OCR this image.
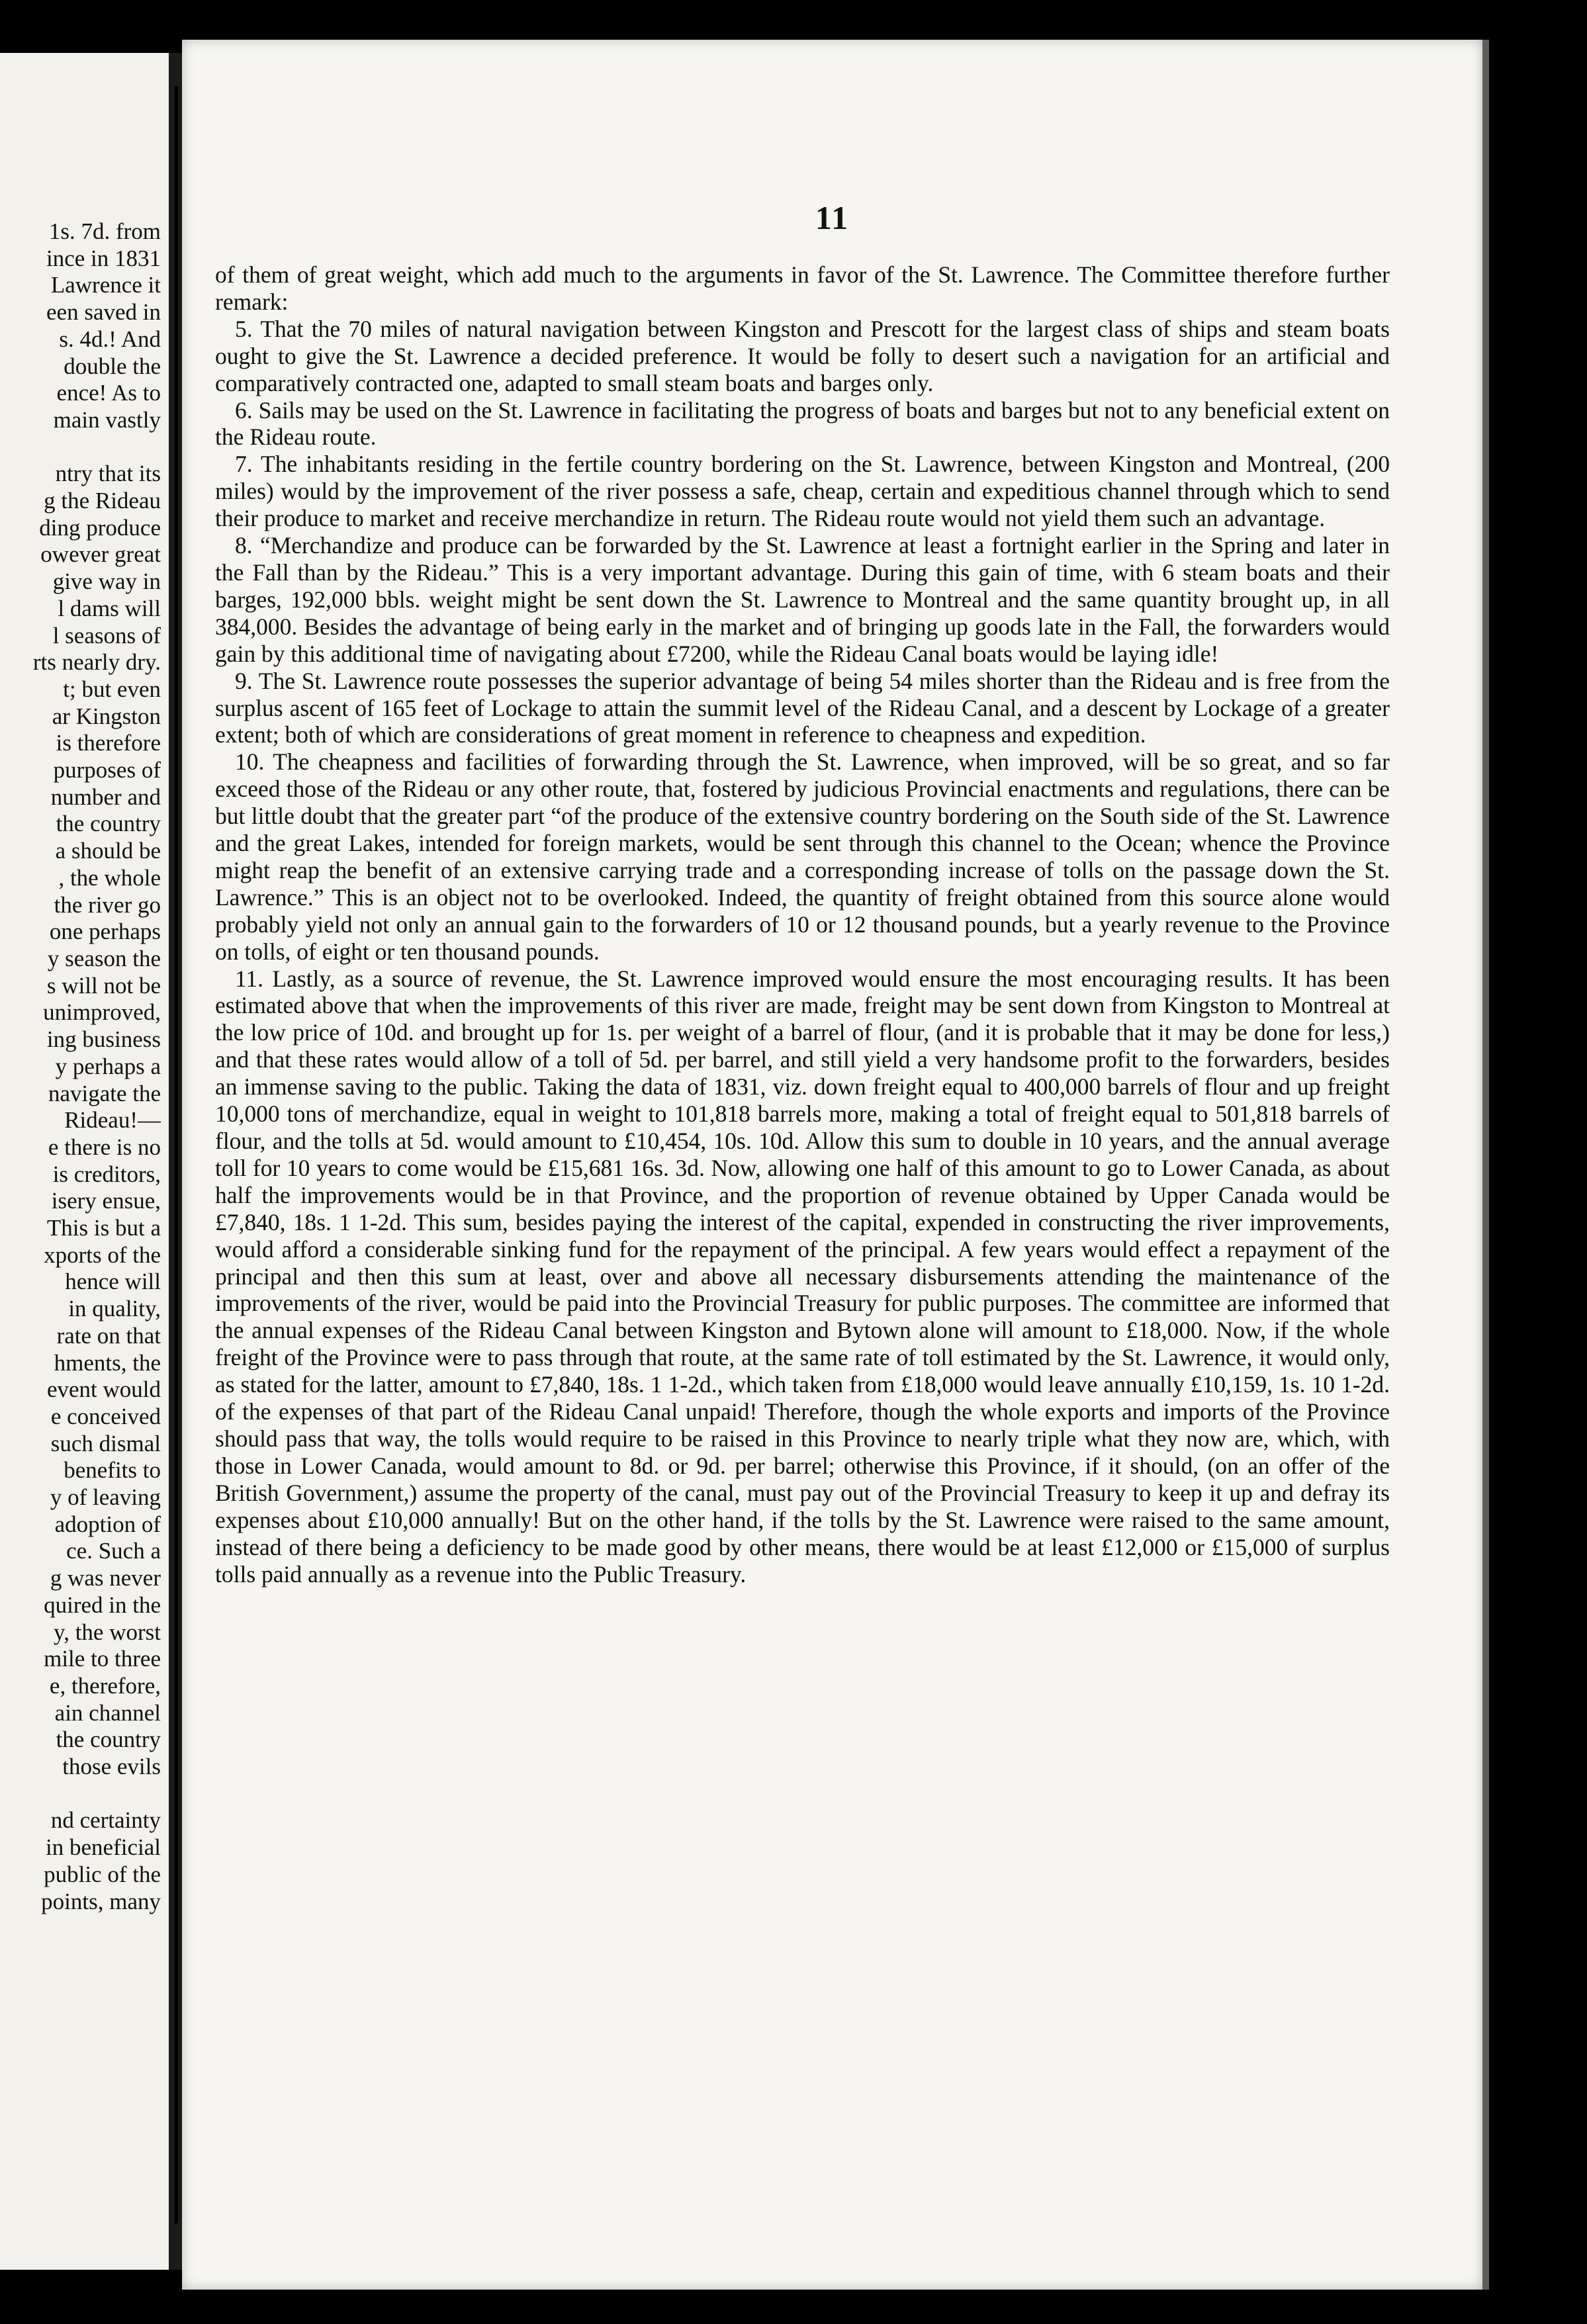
1s. 7d. from
ince in 1831
Lawrence it
een saved in
s. 4d.! And
double the
ence! As to
main vastly

ntry that its
g the Rideau
ding produce
owever great
give way in
l dams will
l seasons of
rts nearly dry.
t; but even
ar Kingston
is therefore
purposes of
number and
the country
a should be
, the whole
the river go
one perhaps
y season the
s will not be
unimproved,
ing business
y perhaps a
navigate the
Rideau!—
e there is no
is creditors,
isery ensue,
This is but a
xports of the
hence will
in quality,
rate on that
hments, the
event would
e conceived
such dismal
benefits to
y of leaving
adoption of
ce. Such a
g was never
quired in the
y, the worst
mile to three
e, therefore,
ain channel
the country
those evils

nd certainty
in beneficial
public of the
points, many
11

of them of great weight, which add much to the arguments in favor of the St. Lawrence. The Committee therefore further remark:

5. That the 70 miles of natural navigation between Kingston and Prescott for the largest class of ships and steam boats ought to give the St. Lawrence a decided preference. It would be folly to desert such a navigation for an artificial and comparatively contracted one, adapted to small steam boats and barges only.

6. Sails may be used on the St. Lawrence in facilitating the progress of boats and barges but not to any beneficial extent on the Rideau route.

7. The inhabitants residing in the fertile country bordering on the St. Lawrence, between Kingston and Montreal, (200 miles) would by the improvement of the river possess a safe, cheap, certain and expeditious channel through which to send their produce to market and receive merchandize in return. The Rideau route would not yield them such an advantage.

8. “Merchandize and produce can be forwarded by the St. Lawrence at least a fortnight earlier in the Spring and later in the Fall than by the Rideau.” This is a very important advantage. During this gain of time, with 6 steam boats and their barges, 192,000 bbls. weight might be sent down the St. Lawrence to Montreal and the same quantity brought up, in all 384,000. Besides the advantage of being early in the market and of bringing up goods late in the Fall, the forwarders would gain by this additional time of navigating about £7200, while the Rideau Canal boats would be laying idle!

9. The St. Lawrence route possesses the superior advantage of being 54 miles shorter than the Rideau and is free from the surplus ascent of 165 feet of Lockage to attain the summit level of the Rideau Canal, and a descent by Lockage of a greater extent; both of which are considerations of great moment in reference to cheapness and expedition.

10. The cheapness and facilities of forwarding through the St. Lawrence, when improved, will be so great, and so far exceed those of the Rideau or any other route, that, fostered by judicious Provincial enactments and regulations, there can be but little doubt that the greater part “of the produce of the extensive country bordering on the South side of the St. Lawrence and the great Lakes, intended for foreign markets, would be sent through this channel to the Ocean; whence the Province might reap the benefit of an extensive carrying trade and a corresponding increase of tolls on the passage down the St. Lawrence.” This is an object not to be overlooked. Indeed, the quantity of freight obtained from this source alone would probably yield not only an annual gain to the forwarders of 10 or 12 thousand pounds, but a yearly revenue to the Province on tolls, of eight or ten thousand pounds.

11. Lastly, as a source of revenue, the St. Lawrence improved would ensure the most encouraging results. It has been estimated above that when the improvements of this river are made, freight may be sent down from Kingston to Montreal at the low price of 10d. and brought up for 1s. per weight of a barrel of flour, (and it is probable that it may be done for less,) and that these rates would allow of a toll of 5d. per barrel, and still yield a very handsome profit to the forwarders, besides an immense saving to the public. Taking the data of 1831, viz. down freight equal to 400,000 barrels of flour and up freight 10,000 tons of merchandize, equal in weight to 101,818 barrels more, making a total of freight equal to 501,818 barrels of flour, and the tolls at 5d. would amount to £10,454, 10s. 10d. Allow this sum to double in 10 years, and the annual average toll for 10 years to come would be £15,681 16s. 3d. Now, allowing one half of this amount to go to Lower Canada, as about half the improvements would be in that Province, and the proportion of revenue obtained by Upper Canada would be £7,840, 18s. 1 1-2d. This sum, besides paying the interest of the capital, expended in constructing the river improvements, would afford a considerable sinking fund for the repayment of the principal. A few years would effect a repayment of the principal and then this sum at least, over and above all necessary disbursements attending the maintenance of the improvements of the river, would be paid into the Provincial Treasury for public purposes. The committee are informed that the annual expenses of the Rideau Canal between Kingston and Bytown alone will amount to £18,000. Now, if the whole freight of the Province were to pass through that route, at the same rate of toll estimated by the St. Lawrence, it would only, as stated for the latter, amount to £7,840, 18s. 1 1-2d., which taken from £18,000 would leave annually £10,159, 1s. 10 1-2d. of the expenses of that part of the Rideau Canal unpaid! Therefore, though the whole exports and imports of the Province should pass that way, the tolls would require to be raised in this Province to nearly triple what they now are, which, with those in Lower Canada, would amount to 8d. or 9d. per barrel; otherwise this Province, if it should, (on an offer of the British Government,) assume the property of the canal, must pay out of the Provincial Treasury to keep it up and defray its expenses about £10,000 annually! But on the other hand, if the tolls by the St. Lawrence were raised to the same amount, instead of there being a deficiency to be made good by other means, there would be at least £12,000 or £15,000 of surplus tolls paid annually as a revenue into the Public Treasury.
